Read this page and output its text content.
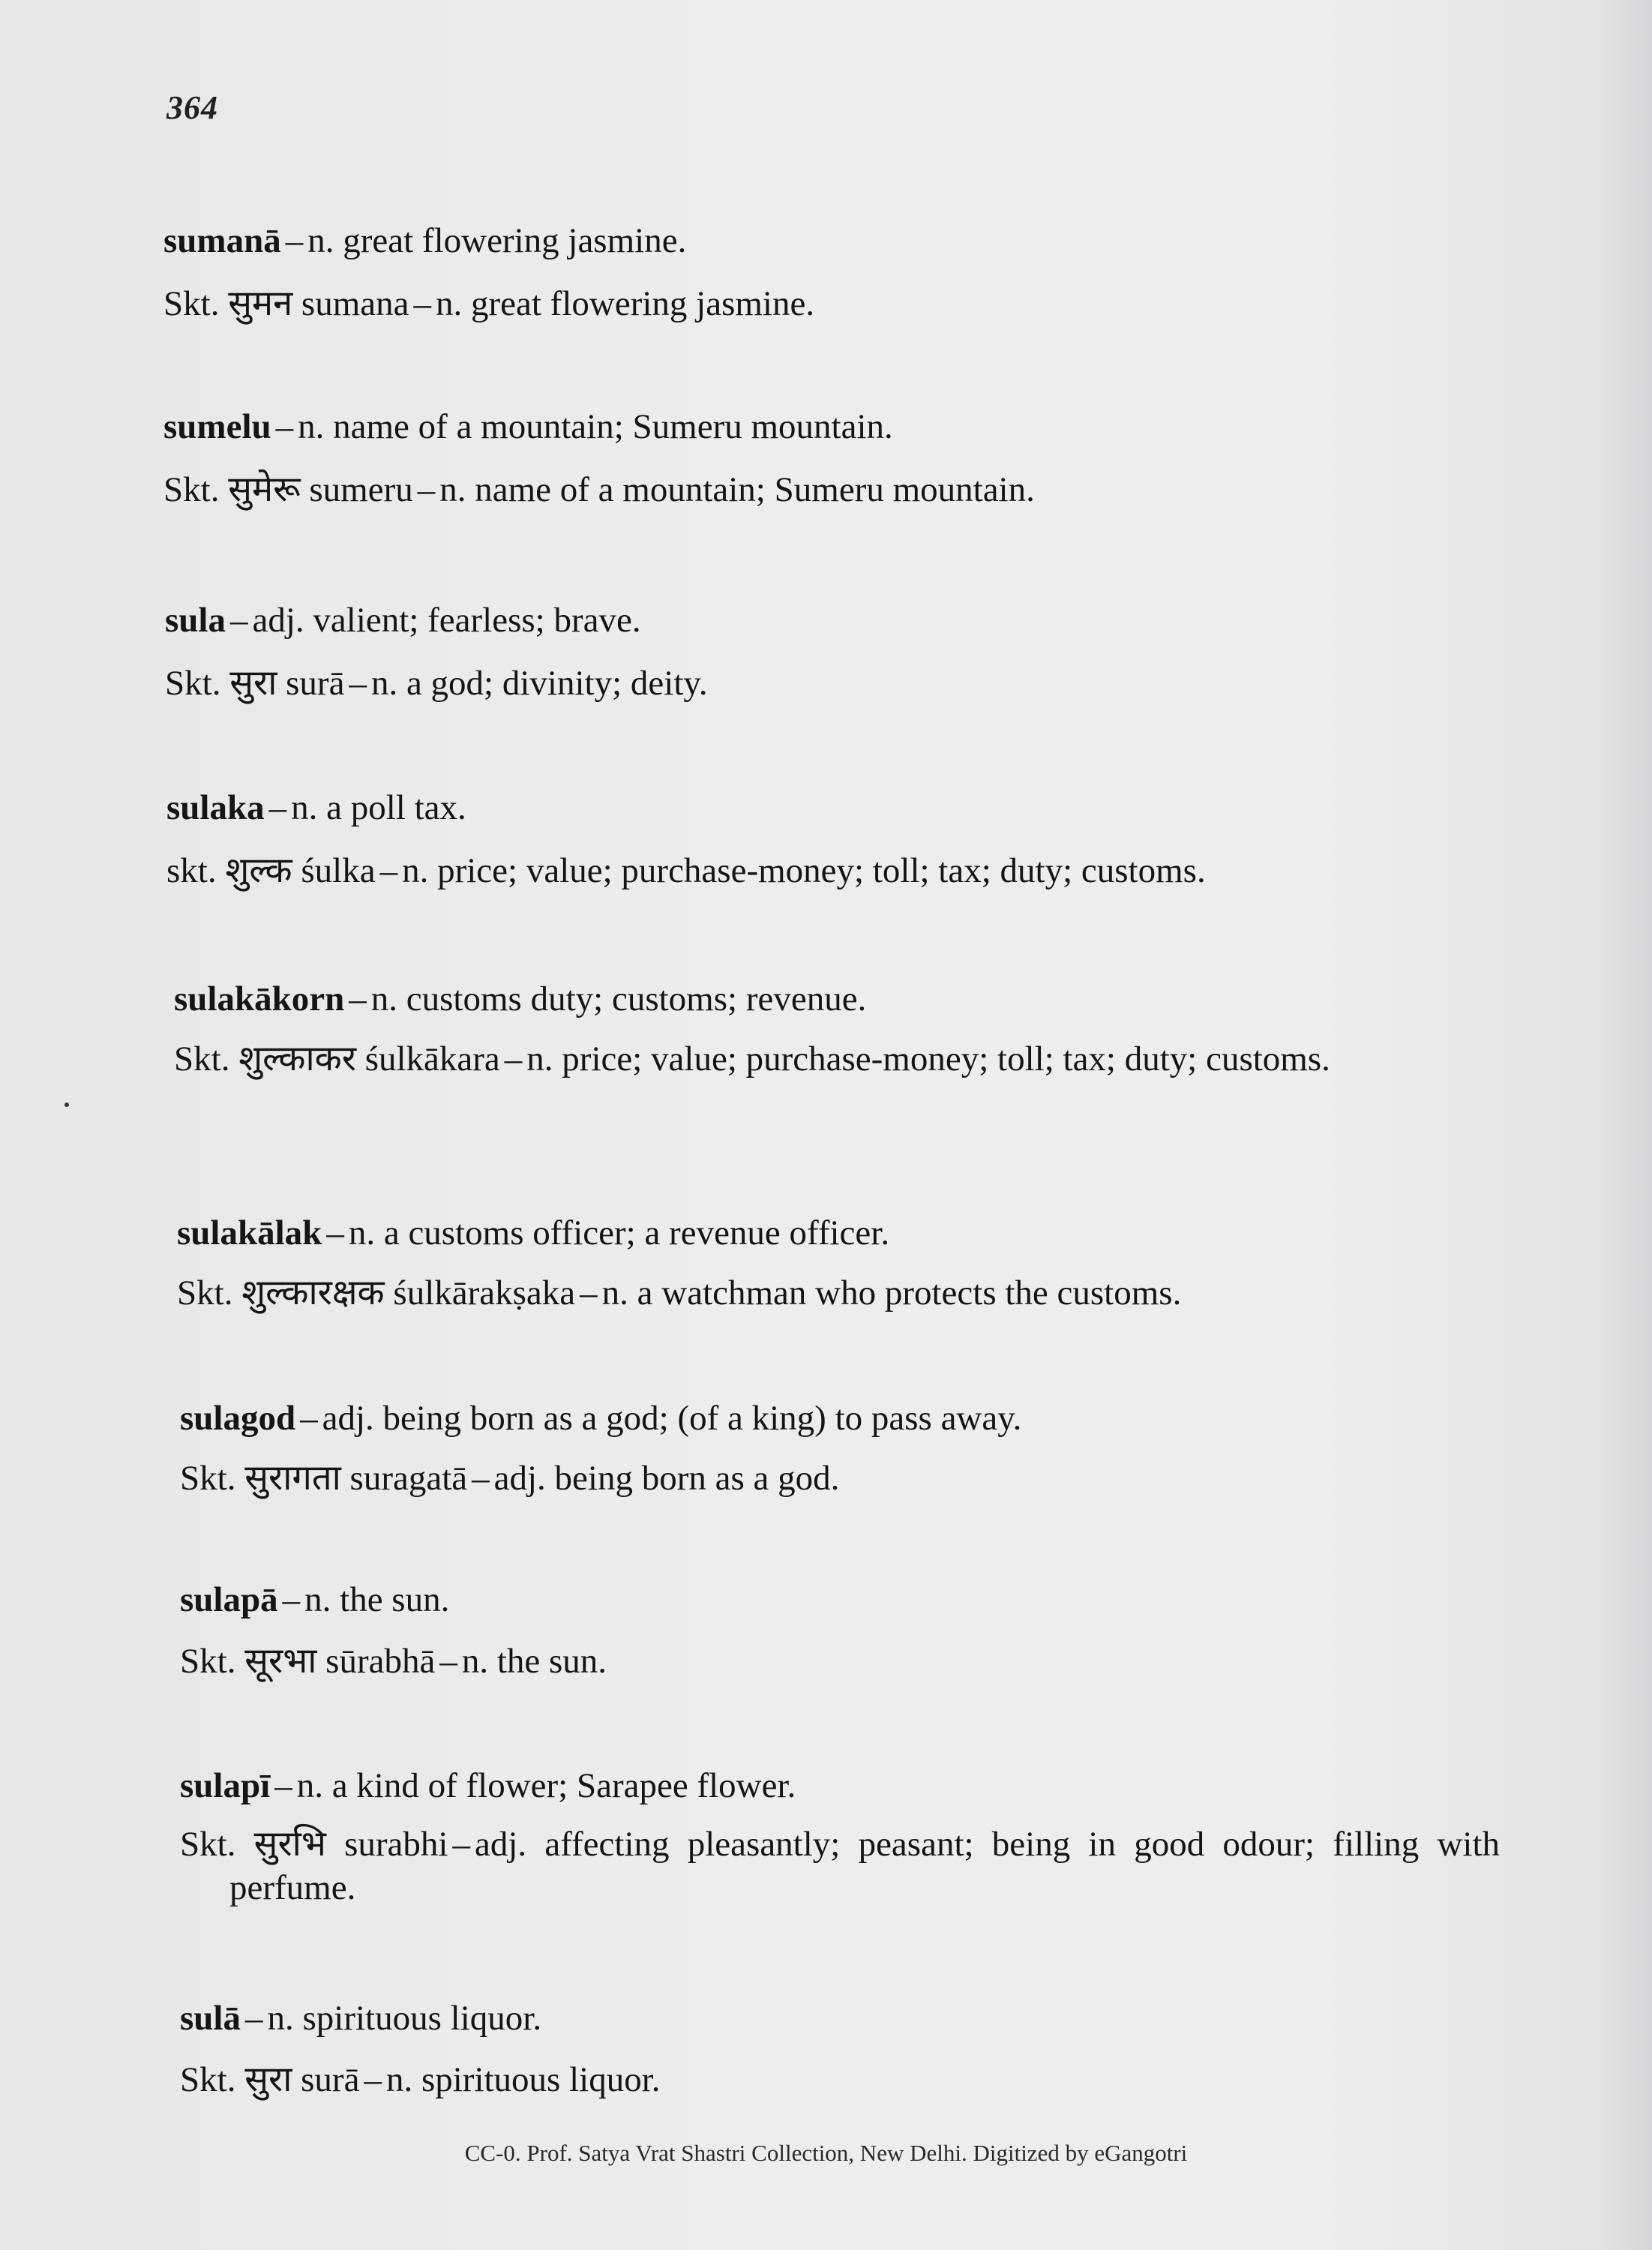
364
sumanā – n. great flowering jasmine.
Skt. सुमन sumana – n. great flowering jasmine.
sumelu – n. name of a mountain; Sumeru mountain.
Skt. सुमेरू sumeru – n. name of a mountain; Sumeru mountain.
sula – adj. valient; fearless; brave.
Skt. सुरा surā – n. a god; divinity; deity.
sulaka – n. a poll tax.
skt. शुल्क śulka – n. price; value; purchase-money; toll; tax; duty; customs.
sulakākorn – n. customs duty; customs; revenue.
Skt. शुल्काकर śulkākara – n. price; value; purchase-money; toll; tax; duty; customs.
sulakālak – n. a customs officer; a revenue officer.
Skt. शुल्कारक्षक śulkārakṣaka – n. a watchman who protects the customs.
sulagod – adj. being born as a god; (of a king) to pass away.
Skt. सुरागता suragatā – adj. being born as a god.
sulapā – n. the sun.
Skt. सूरभा sūrabhā – n. the sun.
sulapī – n. a kind of flower; Sarapee flower.
Skt. सुरभि surabhi – adj. affecting pleasantly; peasant; being in good odour; filling with perfume.
sulā – n. spirituous liquor.
Skt. सुरा surā – n. spirituous liquor.
CC-0. Prof. Satya Vrat Shastri Collection, New Delhi. Digitized by eGangotri
